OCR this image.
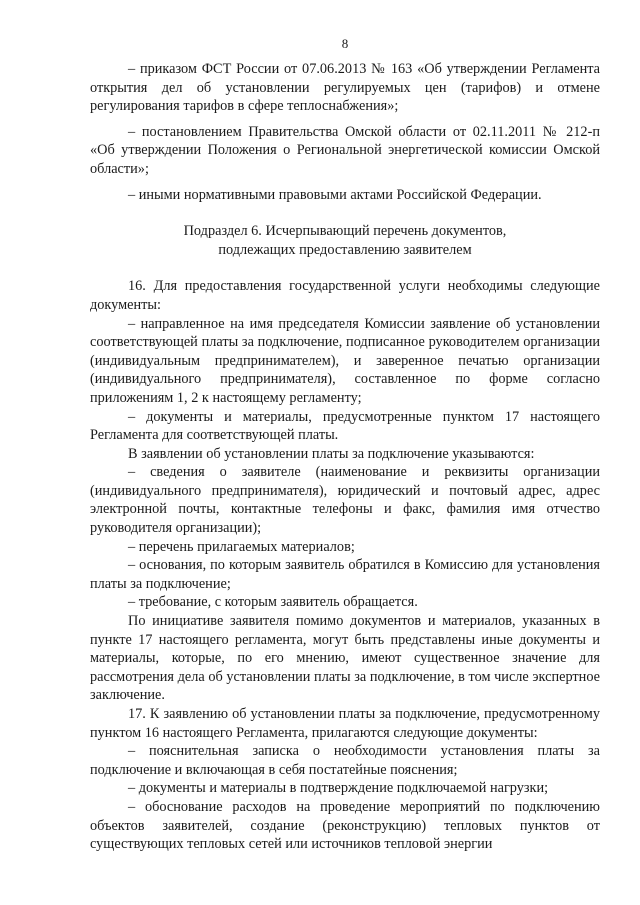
8

– приказом ФСТ России от 07.06.2013 № 163 «Об утверждении Регламента открытия дел об установлении регулируемых цен (тарифов) и отмене регулирования тарифов в сфере теплоснабжения»;

– постановлением Правительства Омской области от 02.11.2011 № 212-п «Об утверждении Положения о Региональной энергетической комиссии Омской области»;

– иными нормативными правовыми актами Российской Федерации.

Подраздел 6. Исчерпывающий перечень документов,
подлежащих предоставлению заявителем

16. Для предоставления государственной услуги необходимы следующие документы:

– направленное на имя председателя Комиссии заявление об установлении соответствующей платы за подключение, подписанное руководителем организации (индивидуальным предпринимателем), и заверенное печатью организации (индивидуального предпринимателя), составленное по форме согласно приложениям 1, 2 к настоящему регламенту;

– документы и материалы, предусмотренные пунктом 17 настоящего Регламента для соответствующей платы.

В заявлении об установлении платы за подключение указываются:

– сведения о заявителе (наименование и реквизиты организации (индивидуального предпринимателя), юридический и почтовый адрес, адрес электронной почты, контактные телефоны и факс, фамилия имя отчество руководителя организации);

– перечень прилагаемых материалов;

– основания, по которым заявитель обратился в Комиссию для установления платы за подключение;

– требование, с которым заявитель обращается.

По инициативе заявителя помимо документов и материалов, указанных в пункте 17 настоящего регламента, могут быть представлены иные документы и материалы, которые, по его мнению, имеют существенное значение для рассмотрения дела об установлении платы за подключение, в том числе экспертное заключение.

17. К заявлению об установлении платы за подключение, предусмотренному пунктом 16 настоящего Регламента, прилагаются следующие документы:

– пояснительная записка о необходимости установления платы за подключение и включающая в себя постатейные пояснения;

– документы и материалы в подтверждение подключаемой нагрузки;

– обоснование расходов на проведение мероприятий по подключению объектов заявителей, создание (реконструкцию) тепловых пунктов от существующих тепловых сетей или источников тепловой энергии
